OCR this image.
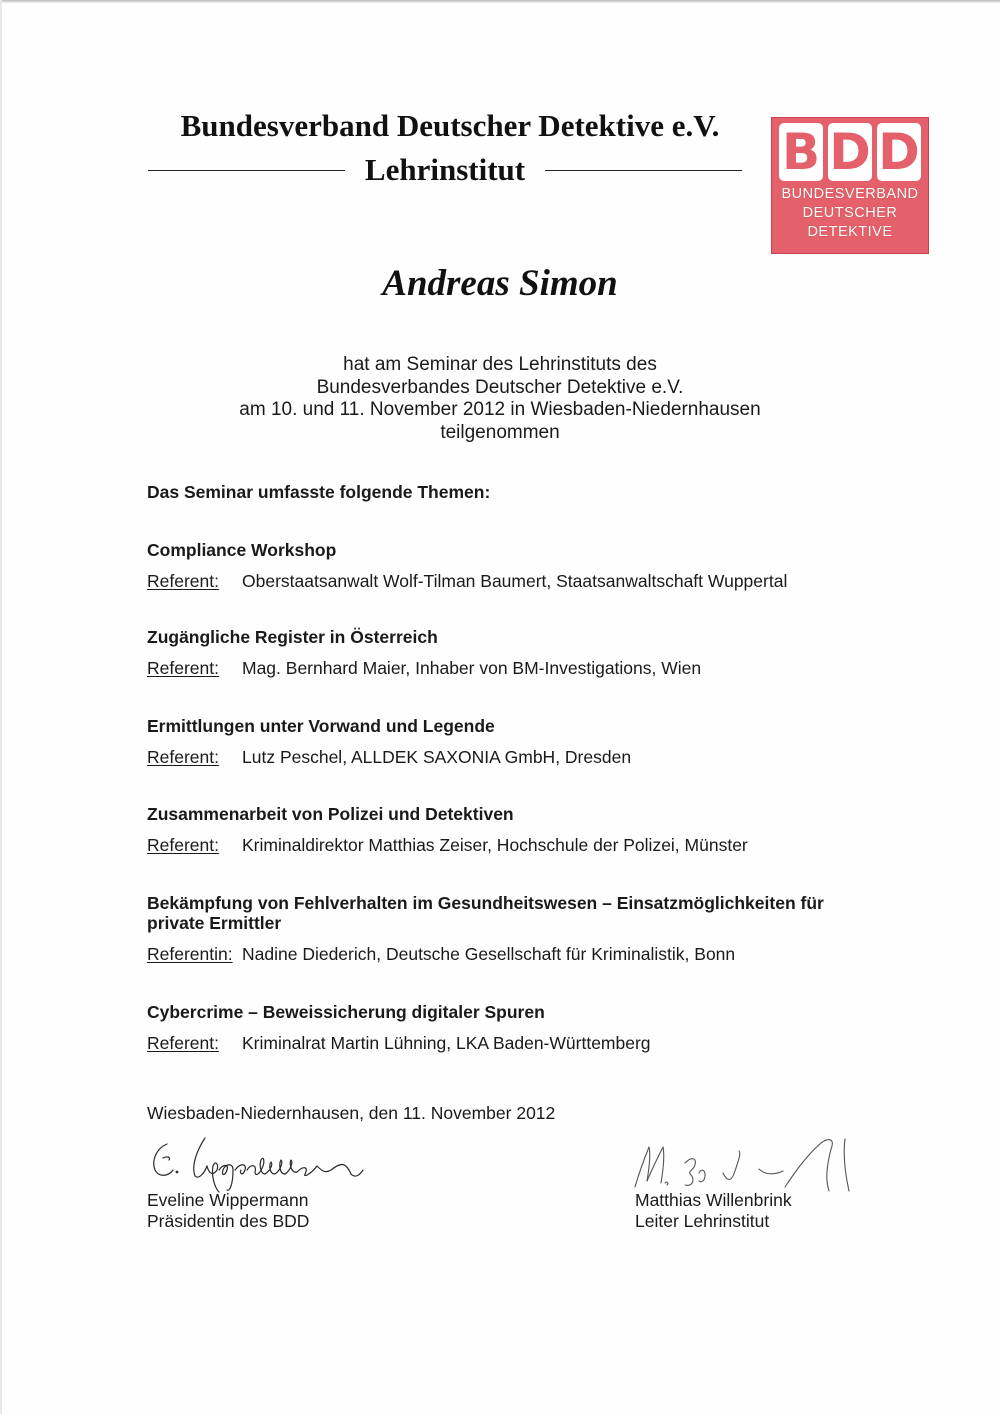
Bundesverband Deutscher Detektive e.V.
Lehrinstitut	B D D
BUNDESVERBAND
DEUTSCHER
DETEKTIVE
Andreas Simon
hat am Seminar des Lehrinstituts des
Bundesverbandes Deutscher Detektive e.V.
am 10. und 11. November 2012 in Wiesbaden-Niedernhausen
teilgenommen
Das Seminar umfasste folgende Themen:
Compliance Workshop
Referent:	Oberstaatsanwalt Wolf-Tilman Baumert, Staatsanwaltschaft Wuppertal
Zugängliche Register in Österreich
Referent:	Mag. Bernhard Maier, Inhaber von BM-Investigations, Wien
Ermittlungen unter Vorwand und Legende
Referent:	Lutz Peschel, ALLDEK SAXONIA GmbH, Dresden
Zusammenarbeit von Polizei und Detektiven
Referent:	Kriminaldirektor Matthias Zeiser, Hochschule der Polizei, Münster
Bekämpfung von Fehlverhalten im Gesundheitswesen – Einsatzmöglichkeiten für private Ermittler
Referentin: Nadine Diederich, Deutsche Gesellschaft für Kriminalistik, Bonn
Cybercrime – Beweissicherung digitaler Spuren
Referent:	Kriminalrat Martin Lühning, LKA Baden-Württemberg
Wiesbaden-Niedernhausen, den 11. November 2012
Eveline Wippermann
Präsidentin des BDD
Matthias Willenbrink
Leiter Lehrinstitut
